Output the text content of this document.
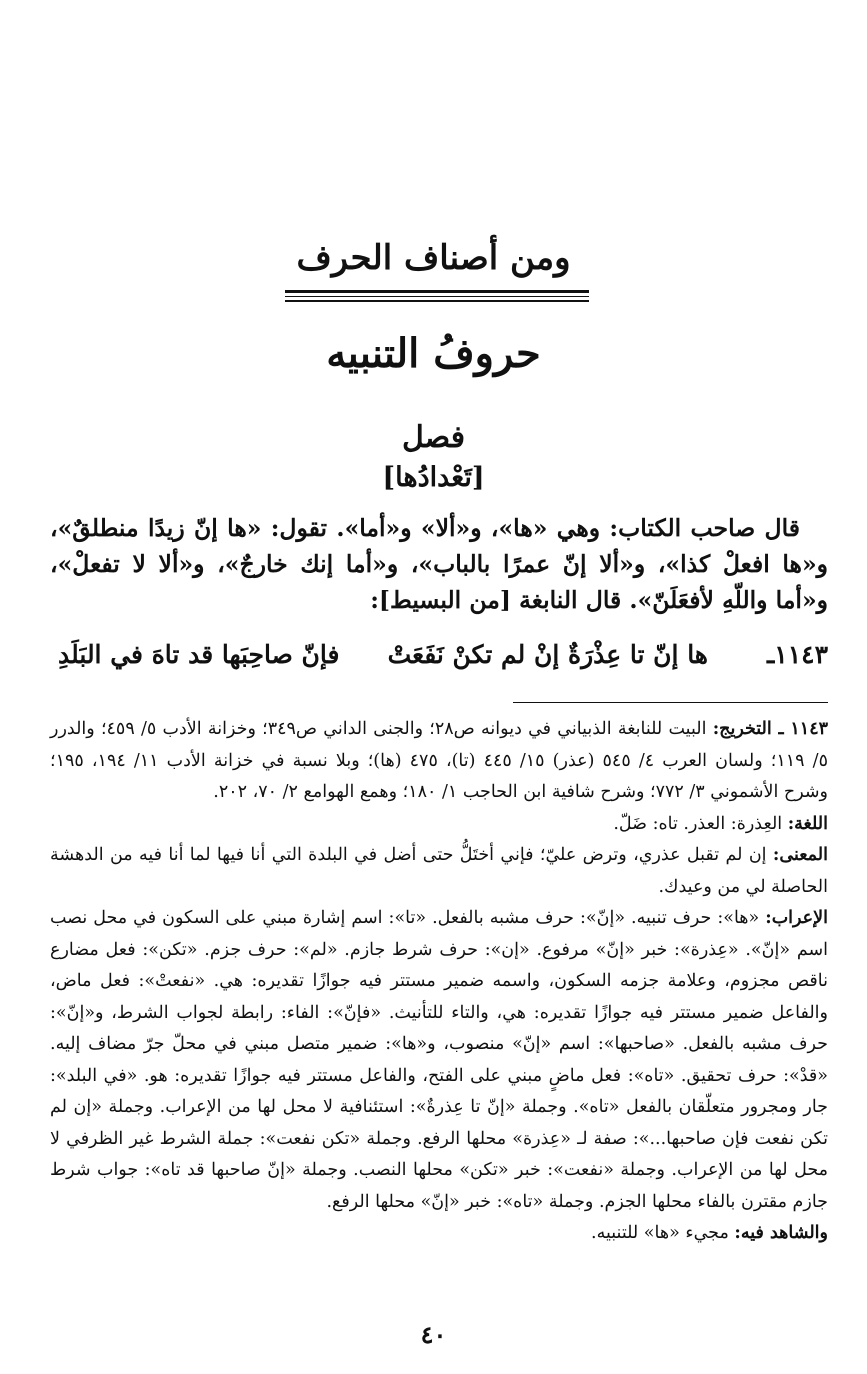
ومن أصناف الحرف
حروفُ التنبيه
فصل
[تَعْدادُها]
قال صاحب الكتاب: وهي «ها»، و«ألا» و«أما». تقول: «ها إنّ زيدًا منطلقٌ»، و«ها افعلْ كذا»، و«ألا إنّ عمرًا بالباب»، و«أما إنك خارجٌ»، و«ألا لا تفعلْ»، و«أما واللّهِ لأفعَلَنّ». قال النابغة [من البسيط]:
١١٤٣ـ
ها إنّ تا عِذْرَةٌ إنْ لم تكنْ نَفَعَتْ
فإنّ صاحِبَها قد تاهَ في البَلَدِ

١١٤٣ ـ التخريج: البيت للنابغة الذبياني في ديوانه ص٢٨؛ والجنى الداني ص٣٤٩؛ وخزانة الأدب ٥/ ٤٥٩؛ والدرر ٥/ ١١٩؛ ولسان العرب ٤/ ٥٤٥ (عذر) ١٥/ ٤٤٥ (تا)، ٤٧٥ (ها)؛ وبلا نسبة في خزانة الأدب ١١/ ١٩٤، ١٩٥؛ وشرح الأشموني ٣/ ٧٧٢؛ وشرح شافية ابن الحاجب ١/ ١٨٠؛ وهمع الهوامع ٢/ ٧٠، ٢٠٢.

اللغة: العِذرة: العذر. تاه: ضَلّ.

المعنى: إن لم تقبل عذري، وترض عليّ؛ فإني أختَلُّ حتى أضل في البلدة التي أنا فيها لما أنا فيه من الدهشة الحاصلة لي من وعيدك.

الإعراب: «ها»: حرف تنبيه. «إنّ»: حرف مشبه بالفعل. «تا»: اسم إشارة مبني على السكون في محل نصب اسم «إنّ». «عِذرة»: خبر «إنّ» مرفوع. «إن»: حرف شرط جازم. «لم»: حرف جزم. «تكن»: فعل مضارع ناقص مجزوم، وعلامة جزمه السكون، واسمه ضمير مستتر فيه جوازًا تقديره: هي. «نفعتْ»: فعل ماض، والفاعل ضمير مستتر فيه جوازًا تقديره: هي، والتاء للتأنيث. «فإنّ»: الفاء: رابطة لجواب الشرط، و«إنّ»: حرف مشبه بالفعل. «صاحبها»: اسم «إنّ» منصوب، و«ها»: ضمير متصل مبني في محلّ جرّ مضاف إليه. «قدْ»: حرف تحقيق. «تاه»: فعل ماضٍ مبني على الفتح، والفاعل مستتر فيه جوازًا تقديره: هو. «في البلد»: جار ومجرور متعلّقان بالفعل «تاه». وجملة «إنّ تا عِذرةٌ»: استئنافية لا محل لها من الإعراب. وجملة «إن لم تكن نفعت فإن صاحبها...»: صفة لـ «عِذرة» محلها الرفع. وجملة «تكن نفعت»: جملة الشرط غير الظرفي لا محل لها من الإعراب. وجملة «نفعت»: خبر «تكن» محلها النصب. وجملة «إنّ صاحبها قد تاه»: جواب شرط جازم مقترن بالفاء محلها الجزم. وجملة «تاه»: خبر «إنّ» محلها الرفع.

والشاهد فيه: مجيء «ها» للتنبيه.

٤٠
